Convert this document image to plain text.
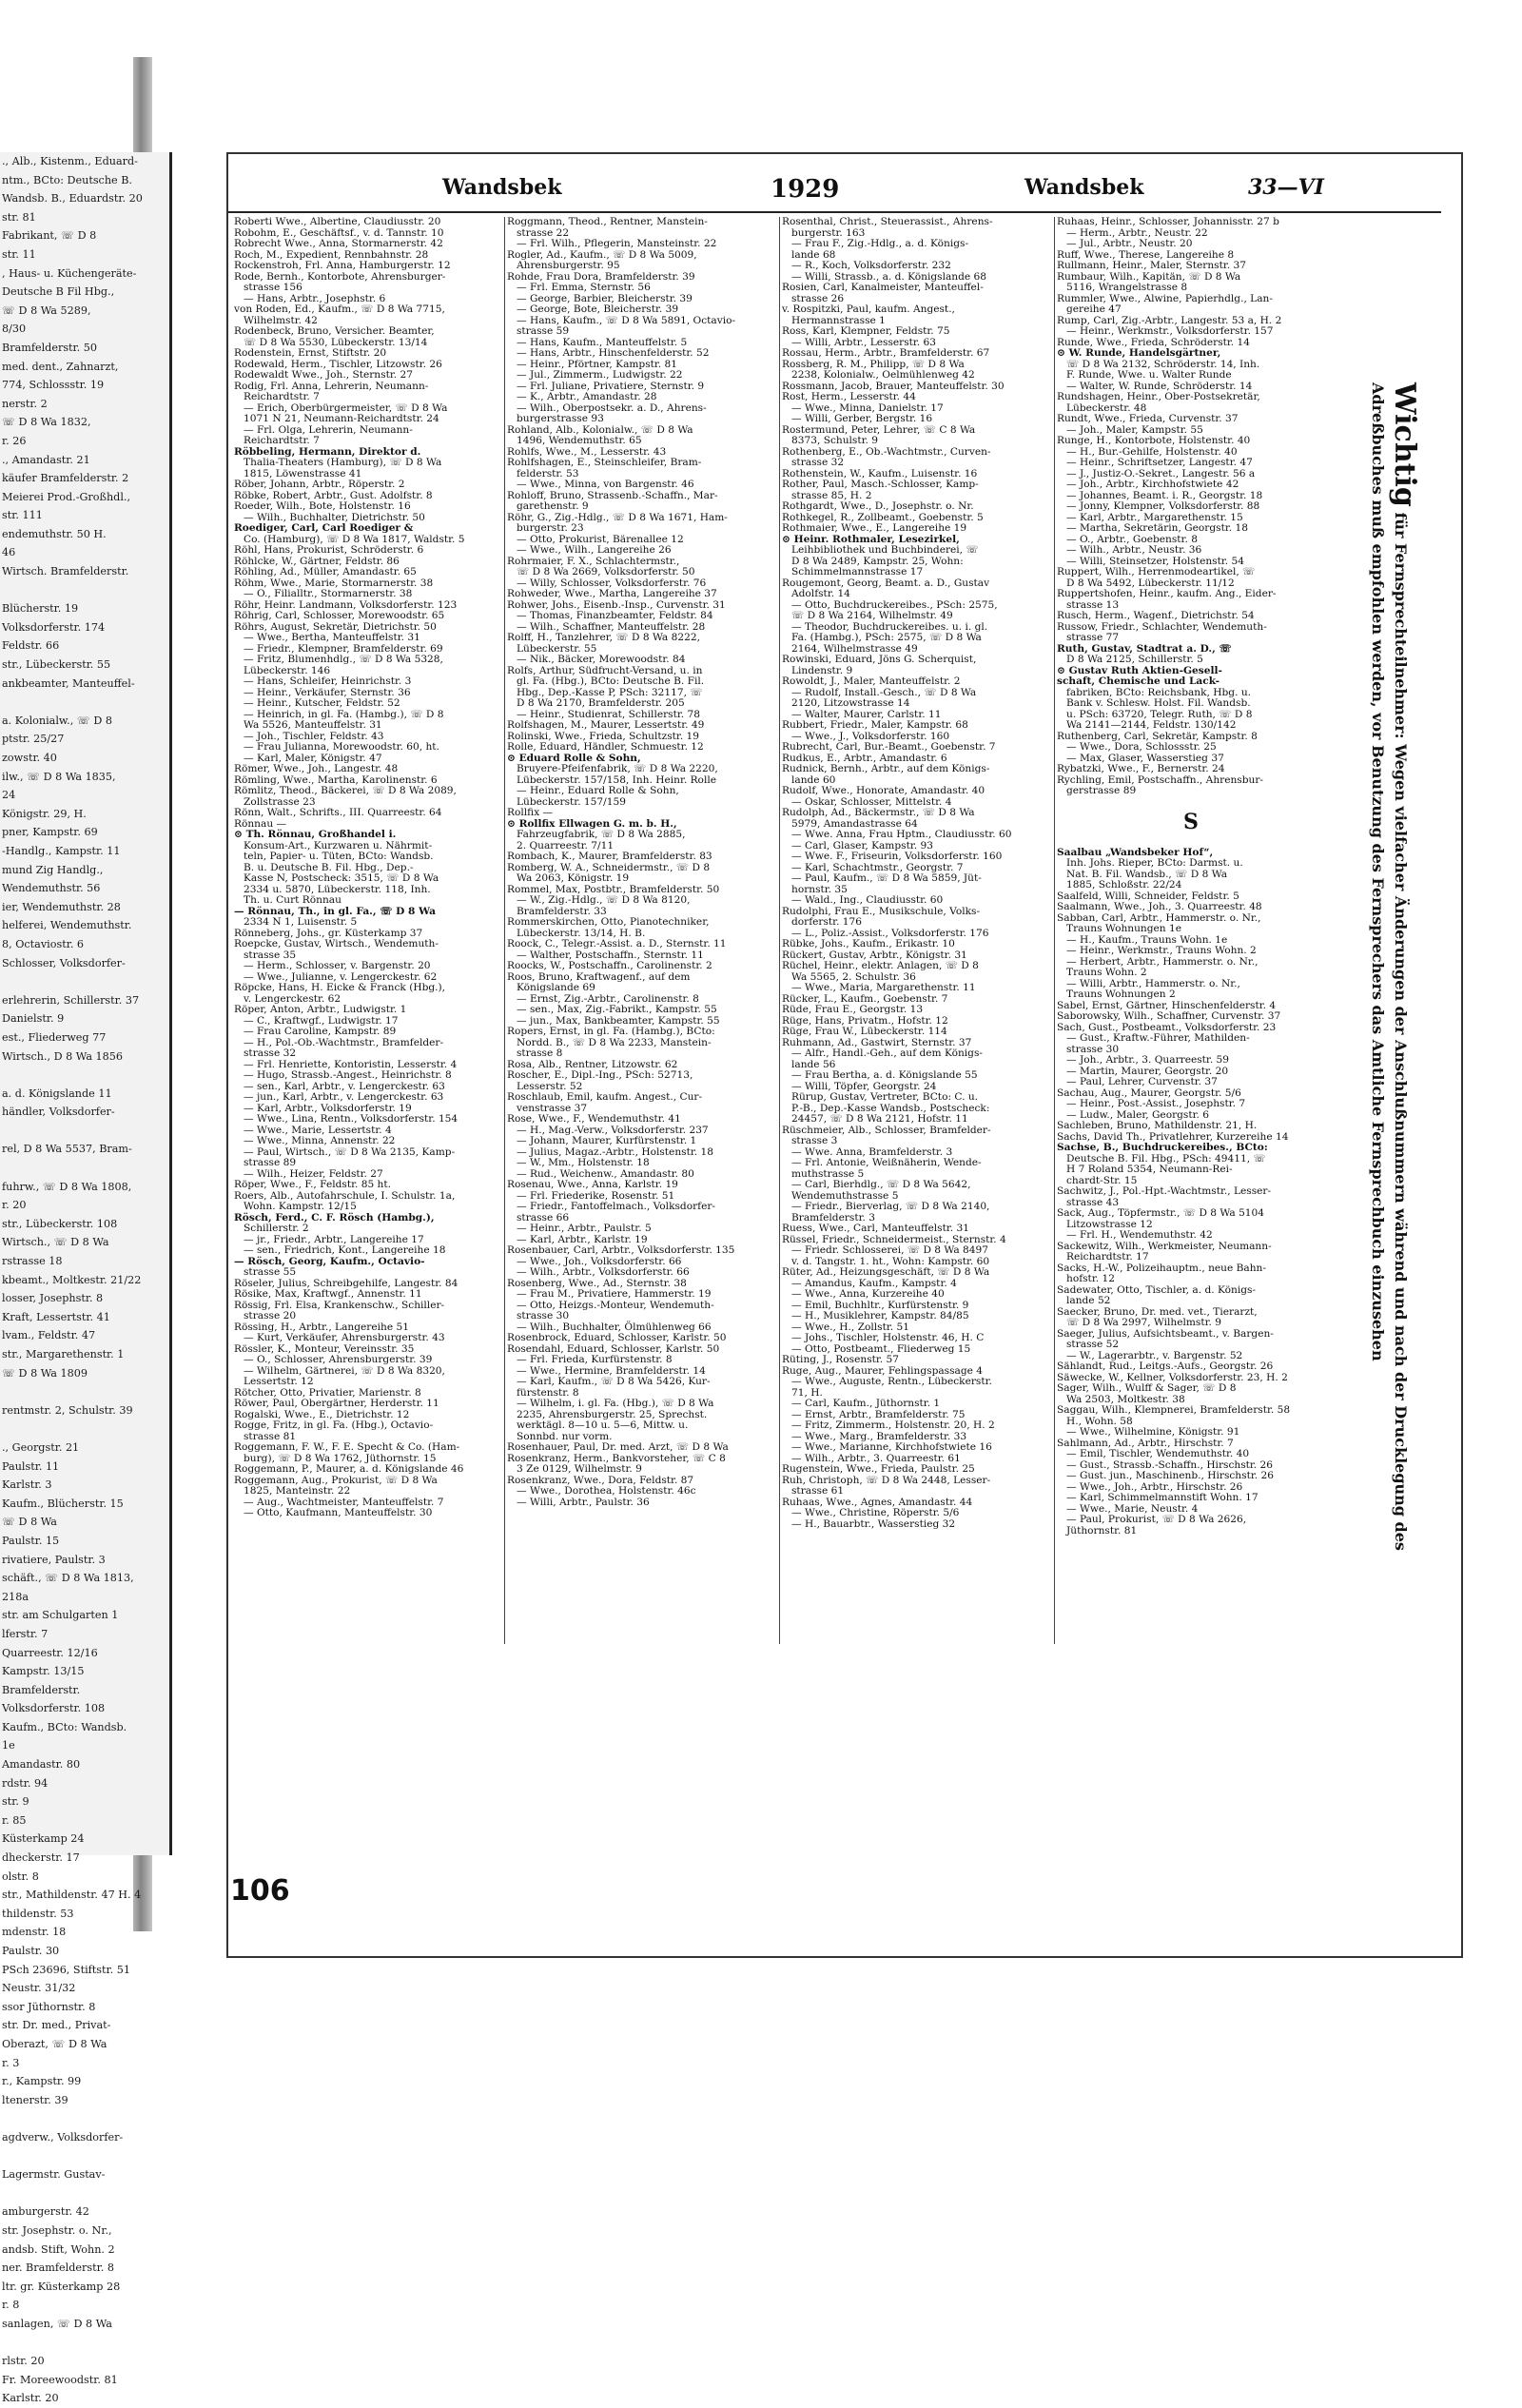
., Alb., Kistenm., Eduard-
ntm., BCto: Deutsche B.
Wandsb. B., Eduardstr. 20
str. 81
Fabrikant, ☏ D 8
str. 11
, Haus- u. Küchengeräte-
Deutsche B Fil Hbg.,
☏ D 8 Wa 5289,
8/30
Bramfelderstr. 50
med. dent., Zahnarzt,
774, Schlossstr. 19
nerstr. 2
☏ D 8 Wa 1832,
r. 26
., Amandastr. 21
käufer Bramfelderstr. 2
Meierei Prod.-Großhdl.,
str. 111
endemuthstr. 50 H.
46
Wirtsch. Bramfelderstr.

Blücherstr. 19
Volksdorferstr. 174
Feldstr. 66
str., Lübeckerstr. 55
ankbeamter, Manteuffel-

a. Kolonialw., ☏ D 8
ptstr. 25/27
zowstr. 40
ilw., ☏ D 8 Wa 1835,
24
Königstr. 29, H.
pner, Kampstr. 69
-Handlg., Kampstr. 11
mund Zig Handlg.,
Wendemuthstr. 56
ier, Wendemuthstr. 28
helferei, Wendemuthstr.
8, Octaviostr. 6
Schlosser, Volksdorfer-

erlehrerin, Schillerstr. 37
Danielstr. 9
est., Fliederweg 77
Wirtsch., D 8 Wa 1856

a. d. Königslande 11
händler, Volksdorfer-

rel, D 8 Wa 5537, Bram-

fuhrw., ☏ D 8 Wa 1808,
r. 20
str., Lübeckerstr. 108
Wirtsch., ☏ D 8 Wa
rstrasse 18
kbeamt., Moltkestr. 21/22
losser, Josephstr. 8
Kraft, Lessertstr. 41
lvam., Feldstr. 47
str., Margarethenstr. 1
☏ D 8 Wa 1809

rentmstr. 2, Schulstr. 39

., Georgstr. 21
Paulstr. 11
Karlstr. 3
Kaufm., Blücherstr. 15
☏ D 8 Wa
Paulstr. 15
rivatiere, Paulstr. 3
schäft., ☏ D 8 Wa 1813,
218a
str. am Schulgarten 1
lferstr. 7
Quarreestr. 12/16
Kampstr. 13/15
Bramfelderstr.
Volksdorferstr. 108
Kaufm., BCto: Wandsb.
1e
Amandastr. 80
rdstr. 94
str. 9
r. 85
Küsterkamp 24
dheckerstr. 17
olstr. 8
str., Mathildenstr. 47 H. 4
thildenstr. 53
mdenstr. 18
Paulstr. 30
PSch 23696, Stiftstr. 51
Neustr. 31/32
ssor Jüthornstr. 8
str. Dr. med., Privat-
Oberazt, ☏ D 8 Wa
r. 3
r., Kampstr. 99
ltenerstr. 39

agdverw., Volksdorfer-

Lagermstr. Gustav-

amburgerstr. 42
str. Josephstr. o. Nr.,
andsb. Stift, Wohn. 2
ner. Bramfelderstr. 8
ltr. gr. Küsterkamp 28
r. 8
sanlagen, ☏ D 8 Wa

rlstr. 20
Fr. Moreewoodstr. 81
Karlstr. 20
Wandsbek	1929	Wandsbek	33—VI
Roberti Wwe., Albertine, Claudiusstr. 20
Robohm, E., Geschäftsf., v. d. Tannstr. 10
Robrecht Wwe., Anna, Stormarnerstr. 42
Roch, M., Expedient, Rennbahnstr. 28
Rockenstroh, Frl. Anna, Hamburgerstr. 12
Rode, Bernh., Kontorbote, Ahrensburger-
strasse 156
— Hans, Arbtr., Josephstr. 6
von Roden, Ed., Kaufm., ☏ D 8 Wa 7715,
Wilhelmstr. 42
Rodenbeck, Bruno, Versicher. Beamter,
☏ D 8 Wa 5530, Lübeckerstr. 13/14
Rodenstein, Ernst, Stiftstr. 20
Rodewald, Herm., Tischler, Litzowstr. 26
Rodewaldt Wwe., Joh., Sternstr. 27
Rodig, Frl. Anna, Lehrerin, Neumann-
Reichardtstr. 7
— Erich, Oberbürgermeister, ☏ D 8 Wa
1071 N 21, Neumann-Reichardtstr. 24
— Frl. Olga, Lehrerin, Neumann-
Reichardtstr. 7
Röbbeling, Hermann, Direktor d.
Thalia-Theaters (Hamburg), ☏ D 8 Wa
1815, Löwenstrasse 41
Röber, Johann, Arbtr., Röperstr. 2
Röbke, Robert, Arbtr., Gust. Adolfstr. 8
Roeder, Wilh., Bote, Holstenstr. 16
— Wilh., Buchhalter, Dietrichstr. 50
Roediger, Carl, Carl Roediger &
Co. (Hamburg), ☏ D 8 Wa 1817, Waldstr. 5
Röhl, Hans, Prokurist, Schröderstr. 6
Röhlcke, W., Gärtner, Feldstr. 86
Röhling, Ad., Müller, Amandastr. 65
Röhm, Wwe., Marie, Stormarnerstr. 38
— O., Filialltr., Stormarnerstr. 38
Röhr, Heinr. Landmann, Volksdorferstr. 123
Röhrig, Carl, Schlosser, Morewoodstr. 65
Röhrs, August, Sekretär, Dietrichstr. 50
— Wwe., Bertha, Manteuffelstr. 31
— Friedr., Klempner, Bramfelderstr. 69
— Fritz, Blumenhdlg., ☏ D 8 Wa 5328,
Lübeckerstr. 146
— Hans, Schleifer, Heinrichstr. 3
— Heinr., Verkäufer, Sternstr. 36
— Heinr., Kutscher, Feldstr. 52
— Heinrich, in gl. Fa. (Hambg.), ☏ D 8
Wa 5526, Manteuffelstr. 31
— Joh., Tischler, Feldstr. 43
— Frau Julianna, Morewoodstr. 60, ht.
— Karl, Maler, Königstr. 47
Römer, Wwe., Joh., Langestr. 48
Römling, Wwe., Martha, Karolinenstr. 6
Römlitz, Theod., Bäckerei, ☏ D 8 Wa 2089,
Zollstrasse 23
Rönn, Walt., Schrifts., III. Quarreestr. 64
Rönnau —
⊙ Th. Rönnau, Großhandel i.
Konsum-Art., Kurzwaren u. Nährmit-
teln, Papier- u. Tüten, BCto: Wandsb.
B. u. Deutsche B. Fil. Hbg., Dep.-
Kasse N, Postscheck: 3515, ☏ D 8 Wa
2334 u. 5870, Lübeckerstr. 118, Inh.
Th. u. Curt Rönnau
— Rönnau, Th., in gl. Fa., ☏ D 8 Wa
2334 N 1, Luisenstr. 5
Rönneberg, Johs., gr. Küsterkamp 37
Roepcke, Gustav, Wirtsch., Wendemuth-
strasse 35
— Herm., Schlosser, v. Bargenstr. 20
— Wwe., Julianne, v. Lengerckestr. 62
Röpcke, Hans, H. Eicke & Franck (Hbg.),
v. Lengerckestr. 62
Röper, Anton, Arbtr., Ludwigstr. 1
— C., Kraftwgf., Ludwigstr. 17
— Frau Caroline, Kampstr. 89
— H., Pol.-Ob.-Wachtmstr., Bramfelder-
strasse 32
— Frl. Henriette, Kontoristin, Lesserstr. 4
— Hugo, Strassb.-Angest., Heinrichstr. 8
— sen., Karl, Arbtr., v. Lengerckestr. 63
— jun., Karl, Arbtr., v. Lengerckestr. 63
— Karl, Arbtr., Volksdorferstr. 19
— Wwe., Lina, Rentn., Volksdorferstr. 154
— Wwe., Marie, Lessertstr. 4
— Wwe., Minna, Annenstr. 22
— Paul, Wirtsch., ☏ D 8 Wa 2135, Kamp-
strasse 89
— Wilh., Heizer, Feldstr. 27
Röper, Wwe., F., Feldstr. 85 ht.
Roers, Alb., Autofahrschule, I. Schulstr. 1a,
Wohn. Kampstr. 12/15
Rösch, Ferd., C. F. Rösch (Hambg.),
Schillerstr. 2
— jr., Friedr., Arbtr., Langereihe 17
— sen., Friedrich, Kont., Langereihe 18
— Rösch, Georg, Kaufm., Octavio-
strasse 55
Röseler, Julius, Schreibgehilfe, Langestr. 84
Rösike, Max, Kraftwgf., Annenstr. 11
Rössig, Frl. Elsa, Krankenschw., Schiller-
strasse 20
Rössing, H., Arbtr., Langereihe 51
— Kurt, Verkäufer, Ahrensburgerstr. 43
Rössler, K., Monteur, Vereinsstr. 35
— O., Schlosser, Ahrensburgerstr. 39
— Wilhelm, Gärtnerei, ☏ D 8 Wa 8320,
Lessertstr. 12
Rötcher, Otto, Privatier, Marienstr. 8
Röwer, Paul, Obergärtner, Herderstr. 11
Rogalski, Wwe., E., Dietrichstr. 12
Rogge, Fritz, in gl. Fa. (Hbg.), Octavio-
strasse 81
Roggemann, F. W., F. E. Specht & Co. (Ham-
burg), ☏ D 8 Wa 1762, Jüthornstr. 15
Roggemann, P., Maurer, a. d. Königslande 46
Roggemann, Aug., Prokurist, ☏ D 8 Wa
1825, Manteinstr. 22
— Aug., Wachtmeister, Manteuffelstr. 7
— Otto, Kaufmann, Manteuffelstr. 30
Roggmann, Theod., Rentner, Manstein-
strasse 22
— Frl. Wilh., Pflegerin, Mansteinstr. 22
Rogler, Ad., Kaufm., ☏ D 8 Wa 5009,
Ahrensburgerstr. 95
Rohde, Frau Dora, Bramfelderstr. 39
— Frl. Emma, Sternstr. 56
— George, Barbier, Bleicherstr. 39
— George, Bote, Bleicherstr. 39
— Hans, Kaufm., ☏ D 8 Wa 5891, Octavio-
strasse 59
— Hans, Kaufm., Manteuffelstr. 5
— Hans, Arbtr., Hinschenfelderstr. 52
— Heinr., Pförtner, Kampstr. 81
— Jul., Zimmerm., Ludwigstr. 22
— Frl. Juliane, Privatiere, Sternstr. 9
— K., Arbtr., Amandastr. 28
— Wilh., Oberpostsekr. a. D., Ahrens-
burgerstrasse 93
Rohland, Alb., Kolonialw., ☏ D 8 Wa
1496, Wendemuthstr. 65
Rohlfs, Wwe., M., Lesserstr. 43
Rohlfshagen, E., Steinschleifer, Bram-
felderstr. 53
— Wwe., Minna, von Bargenstr. 46
Rohloff, Bruno, Strassenb.-Schaffn., Mar-
garethenstr. 9
Röhr, G., Zig.-Hdlg., ☏ D 8 Wa 1671, Ham-
burgerstr. 23
— Otto, Prokurist, Bärenallee 12
— Wwe., Wilh., Langereihe 26
Rohrmaier, F. X., Schlachtermstr.,
☏ D 8 Wa 2669, Volksdorferstr. 50
— Willy, Schlosser, Volksdorferstr. 76
Rohweder, Wwe., Martha, Langereihe 37
Rohwer, Johs., Eisenb.-Insp., Curvenstr. 31
— Thomas, Finanzbeamter, Feldstr. 84
— Wilh., Schaffner, Manteuffelstr. 28
Rolff, H., Tanzlehrer, ☏ D 8 Wa 8222,
Lübeckerstr. 55
— Nik., Bäcker, Morewoodstr. 84
Rolfs, Arthur, Südfrucht-Versand, u. in
gl. Fa. (Hbg.), BCto: Deutsche B. Fil.
Hbg., Dep.-Kasse P, PSch: 32117, ☏
D 8 Wa 2170, Bramfelderstr. 205
— Heinr., Studienrat, Schillerstr. 78
Rolfshagen, M., Maurer, Lessertstr. 49
Rolinski, Wwe., Frieda, Schultzstr. 19
Rolle, Eduard, Händler, Schmuestr. 12
⊙ Eduard Rolle & Sohn,
Bruyere-Pfeifenfabrik, ☏ D 8 Wa 2220,
Lübeckerstr. 157/158, Inh. Heinr. Rolle
— Heinr., Eduard Rolle & Sohn,
Lübeckerstr. 157/159
Rollfix —
⊙ Rollfix Ellwagen G. m. b. H.,
Fahrzeugfabrik, ☏ D 8 Wa 2885,
2. Quarreestr. 7/11
Rombach, K., Maurer, Bramfelderstr. 83
Romberg, W. A., Schneidermstr., ☏ D 8
Wa 2063, Königstr. 19
Rommel, Max, Postbtr., Bramfelderstr. 50
— W., Zig.-Hdlg., ☏ D 8 Wa 8120,
Bramfelderstr. 33
Rommerskirchen, Otto, Pianotechniker,
Lübeckerstr. 13/14, H. B.
Roock, C., Telegr.-Assist. a. D., Sternstr. 11
— Walther, Postschaffn., Sternstr. 11
Roocks, W., Postschaffn., Carolinenstr. 2
Roos, Bruno, Kraftwagenf., auf dem
Königslande 69
— Ernst, Zig.-Arbtr., Carolinenstr. 8
— sen., Max, Zig.-Fabrikt., Kampstr. 55
— jun., Max, Bankbeamter, Kampstr. 55
Ropers, Ernst, in gl. Fa. (Hambg.), BCto:
Nordd. B., ☏ D 8 Wa 2233, Manstein-
strasse 8
Rosa, Alb., Rentner, Litzowstr. 62
Roscher, E., Dipl.-Ing., PSch: 52713,
Lesserstr. 52
Roschlaub, Emil, kaufm. Angest., Cur-
venstrasse 37
Rose, Wwe., F., Wendemuthstr. 41
— H., Mag.-Verw., Volksdorferstr. 237
— Johann, Maurer, Kurfürstenstr. 1
— Julius, Magaz.-Arbtr., Holstenstr. 18
— W., Mm., Holstenstr. 18
— Rud., Weichenw., Amandastr. 80
Rosenau, Wwe., Anna, Karlstr. 19
— Frl. Friederike, Rosenstr. 51
— Friedr., Fantoffelmach., Volksdorfer-
strasse 66
— Heinr., Arbtr., Paulstr. 5
— Karl, Arbtr., Karlstr. 19
Rosenbauer, Carl, Arbtr., Volksdorferstr. 135
— Wwe., Joh., Volksdorferstr. 66
— Wilh., Arbtr., Volksdorferstr. 66
Rosenberg, Wwe., Ad., Sternstr. 38
— Frau M., Privatiere, Hammerstr. 19
— Otto, Heizgs.-Monteur, Wendemuth-
strasse 30
— Wilh., Buchhalter, Ölmühlenweg 66
Rosenbrock, Eduard, Schlosser, Karlstr. 50
Rosendahl, Eduard, Schlosser, Karlstr. 50
— Frl. Frieda, Kurfürstenstr. 8
— Wwe., Hermine, Bramfelderstr. 14
— Karl, Kaufm., ☏ D 8 Wa 5426, Kur-
fürstenstr. 8
— Wilhelm, i. gl. Fa. (Hbg.), ☏ D 8 Wa
2235, Ahrensburgerstr. 25, Sprechst.
werktägl. 8—10 u. 5—6, Mittw. u.
Sonnbd. nur vorm.
Rosenhauer, Paul, Dr. med. Arzt, ☏ D 8 Wa
Rosenkranz, Herm., Bankvorsteher, ☏ C 8
3 Ze 0129, Wilhelmstr. 9
Rosenkranz, Wwe., Dora, Feldstr. 87
— Wwe., Dorothea, Holstenstr. 46c
— Willi, Arbtr., Paulstr. 36
Rosenthal, Christ., Steuerassist., Ahrens-
burgerstr. 163
— Frau F., Zig.-Hdlg., a. d. Königs-
lande 68
— R., Koch, Volksdorferstr. 232
— Willi, Strassb., a. d. Königslande 68
Rosien, Carl, Kanalmeister, Manteuffel-
strasse 26
v. Rospitzki, Paul, kaufm. Angest.,
Hermannstrasse 1
Ross, Karl, Klempner, Feldstr. 75
— Willi, Arbtr., Lesserstr. 63
Rossau, Herm., Arbtr., Bramfelderstr. 67
Rossberg, R. M., Philipp, ☏ D 8 Wa
2238, Kolonialw., Oelmühlenweg 42
Rossmann, Jacob, Brauer, Manteuffelstr. 30
Rost, Herm., Lesserstr. 44
— Wwe., Minna, Danielstr. 17
— Willi, Gerber, Bergstr. 16
Rostermund, Peter, Lehrer, ☏ C 8 Wa
8373, Schulstr. 9
Rothenberg, E., Ob.-Wachtmstr., Curven-
strasse 32
Rothenstein, W., Kaufm., Luisenstr. 16
Rother, Paul, Masch.-Schlosser, Kamp-
strasse 85, H. 2
Rothgardt, Wwe., D., Josephstr. o. Nr.
Rothkegel, R., Zollbeamt., Goebenstr. 5
Rothmaier, Wwe., E., Langereihe 19
⊙ Heinr. Rothmaler, Lesezirkel,
Leihbibliothek und Buchbinderei, ☏
D 8 Wa 2489, Kampstr. 25, Wohn:
Schimmelmannstrasse 17
Rougemont, Georg, Beamt. a. D., Gustav
Adolfstr. 14
— Otto, Buchdruckereibes., PSch: 2575,
☏ D 8 Wa 2164, Wilhelmstr. 49
— Theodor, Buchdruckereibes. u. i. gl.
Fa. (Hambg.), PSch: 2575, ☏ D 8 Wa
2164, Wilhelmstrasse 49
Rowinski, Eduard, Jöns G. Scherquist,
Lindenstr. 9
Rowoldt, J., Maler, Manteuffelstr. 2
— Rudolf, Install.-Gesch., ☏ D 8 Wa
2120, Litzowstrasse 14
— Walter, Maurer, Carlstr. 11
Rubbert, Friedr., Maler, Kampstr. 68
— Wwe., J., Volksdorferstr. 160
Rubrecht, Carl, Bur.-Beamt., Goebenstr. 7
Rudkus, E., Arbtr., Amandastr. 6
Rudnick, Bernh., Arbtr., auf dem Königs-
lande 60
Rudolf, Wwe., Honorate, Amandastr. 40
— Oskar, Schlosser, Mittelstr. 4
Rudolph, Ad., Bäckermstr., ☏ D 8 Wa
5979, Amandastrasse 64
— Wwe. Anna, Frau Hptm., Claudiusstr. 60
— Carl, Glaser, Kampstr. 93
— Wwe. F., Friseurin, Volksdorferstr. 160
— Karl, Schachtmstr., Georgstr. 7
— Paul, Kaufm., ☏ D 8 Wa 5859, Jüt-
hornstr. 35
— Wald., Ing., Claudiusstr. 60
Rudolphi, Frau E., Musikschule, Volks-
dorferstr. 176
— L., Poliz.-Assist., Volksdorferstr. 176
Rübke, Johs., Kaufm., Erikastr. 10
Rückert, Gustav, Arbtr., Königstr. 31
Rüchel, Heinr., elektr. Anlagen, ☏ D 8
Wa 5565, 2. Schulstr. 36
— Wwe., Maria, Margarethenstr. 11
Rücker, L., Kaufm., Goebenstr. 7
Rüde, Frau E., Georgstr. 13
Rüge, Hans, Privatm., Hofstr. 12
Rüge, Frau W., Lübeckerstr. 114
Ruhmann, Ad., Gastwirt, Sternstr. 37
— Alfr., Handl.-Geh., auf dem Königs-
lande 56
— Frau Bertha, a. d. Königslande 55
— Willi, Töpfer, Georgstr. 24
Rürup, Gustav, Vertreter, BCto: C. u.
P.-B., Dep.-Kasse Wandsb., Postscheck:
24457, ☏ D 8 Wa 2121, Hofstr. 11
Rüschmeier, Alb., Schlosser, Bramfelder-
strasse 3
— Wwe. Anna, Bramfelderstr. 3
— Frl. Antonie, Weißnäherin, Wende-
muthstrasse 5
— Carl, Bierhdlg., ☏ D 8 Wa 5642,
Wendemuthstrasse 5
— Friedr., Bierverlag, ☏ D 8 Wa 2140,
Bramfelderstr. 3
Ruess, Wwe., Carl, Manteuffelstr. 31
Rüssel, Friedr., Schneidermeist., Sternstr. 4
— Friedr. Schlosserei, ☏ D 8 Wa 8497
v. d. Tangstr. 1. ht., Wohn: Kampstr. 60
Rüter, Ad., Heizungsgeschäft, ☏ D 8 Wa
— Amandus, Kaufm., Kampstr. 4
— Wwe., Anna, Kurzereihe 40
— Emil, Buchhltr., Kurfürstenstr. 9
— H., Musiklehrer, Kampstr. 84/85
— Wwe., H., Zollstr. 51
— Johs., Tischler, Holstenstr. 46, H. C
— Otto, Postbeamt., Fliederweg 15
Rüting, J., Rosenstr. 57
Ruge, Aug., Maurer, Fehlingspassage 4
— Wwe., Auguste, Rentn., Lübeckerstr.
71, H.
— Carl, Kaufm., Jüthornstr. 1
— Ernst, Arbtr., Bramfelderstr. 75
— Fritz, Zimmerm., Holstenstr. 20, H. 2
— Wwe., Marg., Bramfelderstr. 33
— Wwe., Marianne, Kirchhofstwiete 16
— Wilh., Arbtr., 3. Quarreestr. 61
Rugenstein, Wwe., Frieda, Paulstr. 25
Ruh, Christoph, ☏ D 8 Wa 2448, Lesser-
strasse 61
Ruhaas, Wwe., Agnes, Amandastr. 44
— Wwe., Christine, Röperstr. 5/6
— H., Bauarbtr., Wasserstieg 32
Ruhaas, Heinr., Schlosser, Johannisstr. 27 b
— Herm., Arbtr., Neustr. 22
— Jul., Arbtr., Neustr. 20
Ruff, Wwe., Therese, Langereihe 8
Rullmann, Heinr., Maler, Sternstr. 37
Rumbaur, Wilh., Kapitän, ☏ D 8 Wa
5116, Wrangelstrasse 8
Rummler, Wwe., Alwine, Papierhdlg., Lan-
gereihe 47
Rump, Carl, Zig.-Arbtr., Langestr. 53 a, H. 2
— Heinr., Werkmstr., Volksdorferstr. 157
Runde, Wwe., Frieda, Schröderstr. 14
⊙ W. Runde, Handelsgärtner,
☏ D 8 Wa 2132, Schröderstr. 14, Inh.
F. Runde, Wwe. u. Walter Runde
— Walter, W. Runde, Schröderstr. 14
Rundshagen, Heinr., Ober-Postsekretär,
Lübeckerstr. 48
Rundt, Wwe., Frieda, Curvenstr. 37
— Joh., Maler, Kampstr. 55
Runge, H., Kontorbote, Holstenstr. 40
— H., Bur.-Gehilfe, Holstenstr. 40
— Heinr., Schriftsetzer, Langestr. 47
— J., Justiz-O.-Sekret., Langestr. 56 a
— Joh., Arbtr., Kirchhofstwiete 42
— Johannes, Beamt. i. R., Georgstr. 18
— Jonny, Klempner, Volksdorferstr. 88
— Karl, Arbtr., Margarethenstr. 15
— Martha, Sekretärin, Georgstr. 18
— O., Arbtr., Goebenstr. 8
— Wilh., Arbtr., Neustr. 36
— Willi, Steinsetzer, Holstenstr. 54
Ruppert, Wilh., Herrenmodeartikel, ☏
D 8 Wa 5492, Lübeckerstr. 11/12
Ruppertshofen, Heinr., kaufm. Ang., Eider-
strasse 13
Rusch, Herm., Wagenf., Dietrichstr. 54
Russow, Friedr., Schlachter, Wendemuth-
strasse 77
Ruth, Gustav, Stadtrat a. D., ☏
D 8 Wa 2125, Schillerstr. 5
⊙ Gustav Ruth Aktien-Gesell-
schaft, Chemische und Lack-
fabriken, BCto: Reichsbank, Hbg. u.
Bank v. Schlesw. Holst. Fil. Wandsb.
u. PSch: 63720, Telegr. Ruth, ☏ D 8
Wa 2141—2144, Feldstr. 130/142
Ruthenberg, Carl, Sekretär, Kampstr. 8
— Wwe., Dora, Schlossstr. 25
— Max, Glaser, Wasserstieg 37
Rybatzki, Wwe., F., Bernerstr. 24
Rychling, Emil, Postschaffn., Ahrensbur-
gerstrasse 89

S

Saalbau „Wandsbeker Hof“,
Inh. Johs. Rieper, BCto: Darmst. u.
Nat. B. Fil. Wandsb., ☏ D 8 Wa
1885, Schloßstr. 22/24
Saalfeld, Willi, Schneider, Feldstr. 5
Saalmann, Wwe., Joh., 3. Quarreestr. 48
Sabban, Carl, Arbtr., Hammerstr. o. Nr.,
Trauns Wohnungen 1e
— H., Kaufm., Trauns Wohn. 1e
— Heinr., Werkmstr., Trauns Wohn. 2
— Herbert, Arbtr., Hammerstr. o. Nr.,
Trauns Wohn. 2
— Willi, Arbtr., Hammerstr. o. Nr.,
Trauns Wohnungen 2
Sabel, Ernst, Gärtner, Hinschenfelderstr. 4
Saborowsky, Wilh., Schaffner, Curvenstr. 37
Sach, Gust., Postbeamt., Volksdorferstr. 23
— Gust., Kraftw.-Führer, Mathilden-
strasse 30
— Joh., Arbtr., 3. Quarreestr. 59
— Martin, Maurer, Georgstr. 20
— Paul, Lehrer, Curvenstr. 37
Sachau, Aug., Maurer, Georgstr. 5/6
— Heinr., Post.-Assist., Josephstr. 7
— Ludw., Maler, Georgstr. 6
Sachleben, Bruno, Mathildenstr. 21, H.
Sachs, David Th., Privatlehrer, Kurzereihe 14
Sachse, B., Buchdruckereibes., BCto:
Deutsche B. Fil. Hbg., PSch: 49411, ☏
H 7 Roland 5354, Neumann-Rei-
chardt-Str. 15
Sachwitz, J., Pol.-Hpt.-Wachtmstr., Lesser-
strasse 43
Sack, Aug., Töpfermstr., ☏ D 8 Wa 5104
Litzowstrasse 12
— Frl. H., Wendemuthstr. 42
Sackewitz, Wilh., Werkmeister, Neumann-
Reichardtstr. 17
Sacks, H.-W., Polizeihauptm., neue Bahn-
hofstr. 12
Sadewater, Otto, Tischler, a. d. Königs-
lande 52
Saecker, Bruno, Dr. med. vet., Tierarzt,
☏ D 8 Wa 2997, Wilhelmstr. 9
Saeger, Julius, Aufsichtsbeamt., v. Bargen-
strasse 52
— W., Lagerarbtr., v. Bargenstr. 52
Sählandt, Rud., Leitgs.-Aufs., Georgstr. 26
Säwecke, W., Kellner, Volksdorferstr. 23, H. 2
Sager, Wilh., Wulff & Sager, ☏ D 8
Wa 2503, Moltkestr. 38
Saggau, Wilh., Klempnerei, Bramfelderstr. 58
H., Wohn. 58
— Wwe., Wilhelmine, Königstr. 91
Sahlmann, Ad., Arbtr., Hirschstr. 7
— Emil, Tischler, Wendemuthstr. 40
— Gust., Strassb.-Schaffn., Hirschstr. 26
— Gust. jun., Maschinenb., Hirschstr. 26
— Wwe., Joh., Arbtr., Hirschstr. 26
— Karl, Schimmelmannstift Wohn. 17
— Wwe., Marie, Neustr. 4
— Paul, Prokurist, ☏ D 8 Wa 2626,
Jüthornstr. 81
Wichtig für Fernsprechteilnehmer: Wegen vielfacher Änderungen der Anschlußnummern während und nach der Drucklegung des Adreßbuches muß empfohlen werden, vor Benutzung des Fernsprechers das Amtliche Fernsprechbuch einzusehen
106
